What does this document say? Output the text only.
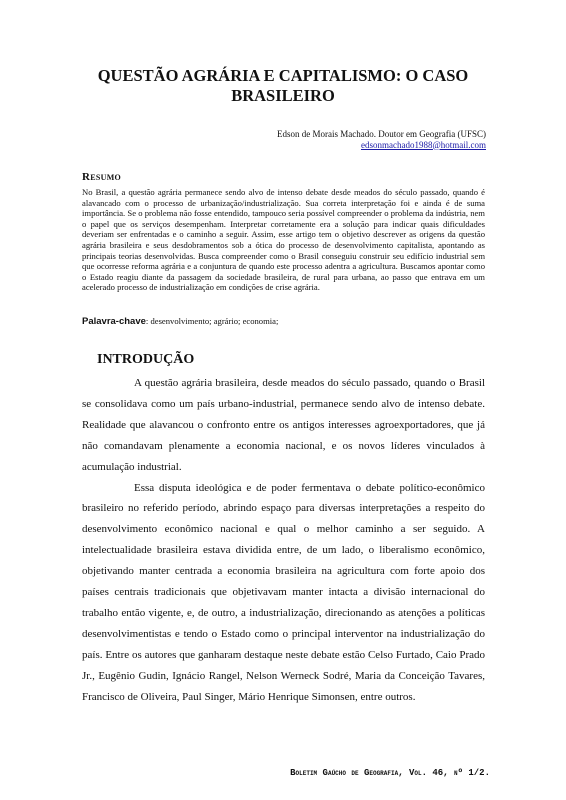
QUESTÃO AGRÁRIA E CAPITALISMO: O CASO BRASILEIRO
Edson de Morais Machado. Doutor em Geografia (UFSC)
edsonmachado1988@hotmail.com
Resumo
No Brasil, a questão agrária permanece sendo alvo de intenso debate desde meados do século passado, quando é alavancado com o processo de urbanização/industrialização. Sua correta interpretação foi e ainda é de suma importância. Se o problema não fosse entendido, tampouco seria possível compreender o problema da indústria, nem o papel que os serviços desempenham. Interpretar corretamente era a solução para indicar quais dificuldades deveriam ser enfrentadas e o caminho a seguir. Assim, esse artigo tem o objetivo descrever as origens da questão agrária brasileira e seus desdobramentos sob a ótica do processo de desenvolvimento capitalista, apontando as principais teorias desenvolvidas. Busca compreender como o Brasil conseguiu construir seu edifício industrial sem que ocorresse reforma agrária e a conjuntura de quando este processo adentra a agricultura. Buscamos apontar como o Estado reagiu diante da passagem da sociedade brasileira, de rural para urbana, ao passo que entrava em um acelerado processo de industrialização em condições de crise agrária.
Palavra-chave: desenvolvimento; agrário; economia;
INTRODUÇÃO

A questão agrária brasileira, desde meados do século passado, quando o Brasil se consolidava como um país urbano-industrial, permanece sendo alvo de intenso debate. Realidade que alavancou o confronto entre os antigos interesses agroexportadores, que já não comandavam plenamente a economia nacional, e os novos líderes vinculados à acumulação industrial.

Essa disputa ideológica e de poder fermentava o debate político-econômico brasileiro no referido período, abrindo espaço para diversas interpretações a respeito do desenvolvimento econômico nacional e qual o melhor caminho a ser seguido. A intelectualidade brasileira estava dividida entre, de um lado, o liberalismo econômico, objetivando manter centrada a economia brasileira na agricultura com forte apoio dos países centrais tradicionais que objetivavam manter intacta a divisão internacional do trabalho então vigente, e, de outro, a industrialização, direcionando as atenções a políticas desenvolvimentistas e tendo o Estado como o principal interventor na industrialização do país. Entre os autores que ganharam destaque neste debate estão Celso Furtado, Caio Prado Jr., Eugênio Gudin, Ignácio Rangel, Nelson Werneck Sodré, Maria da Conceição Tavares, Francisco de Oliveira, Paul Singer, Mário Henrique Simonsen, entre outros.

Boletim Gaúcho de Geografia, Vol. 46, nº 1/2.
